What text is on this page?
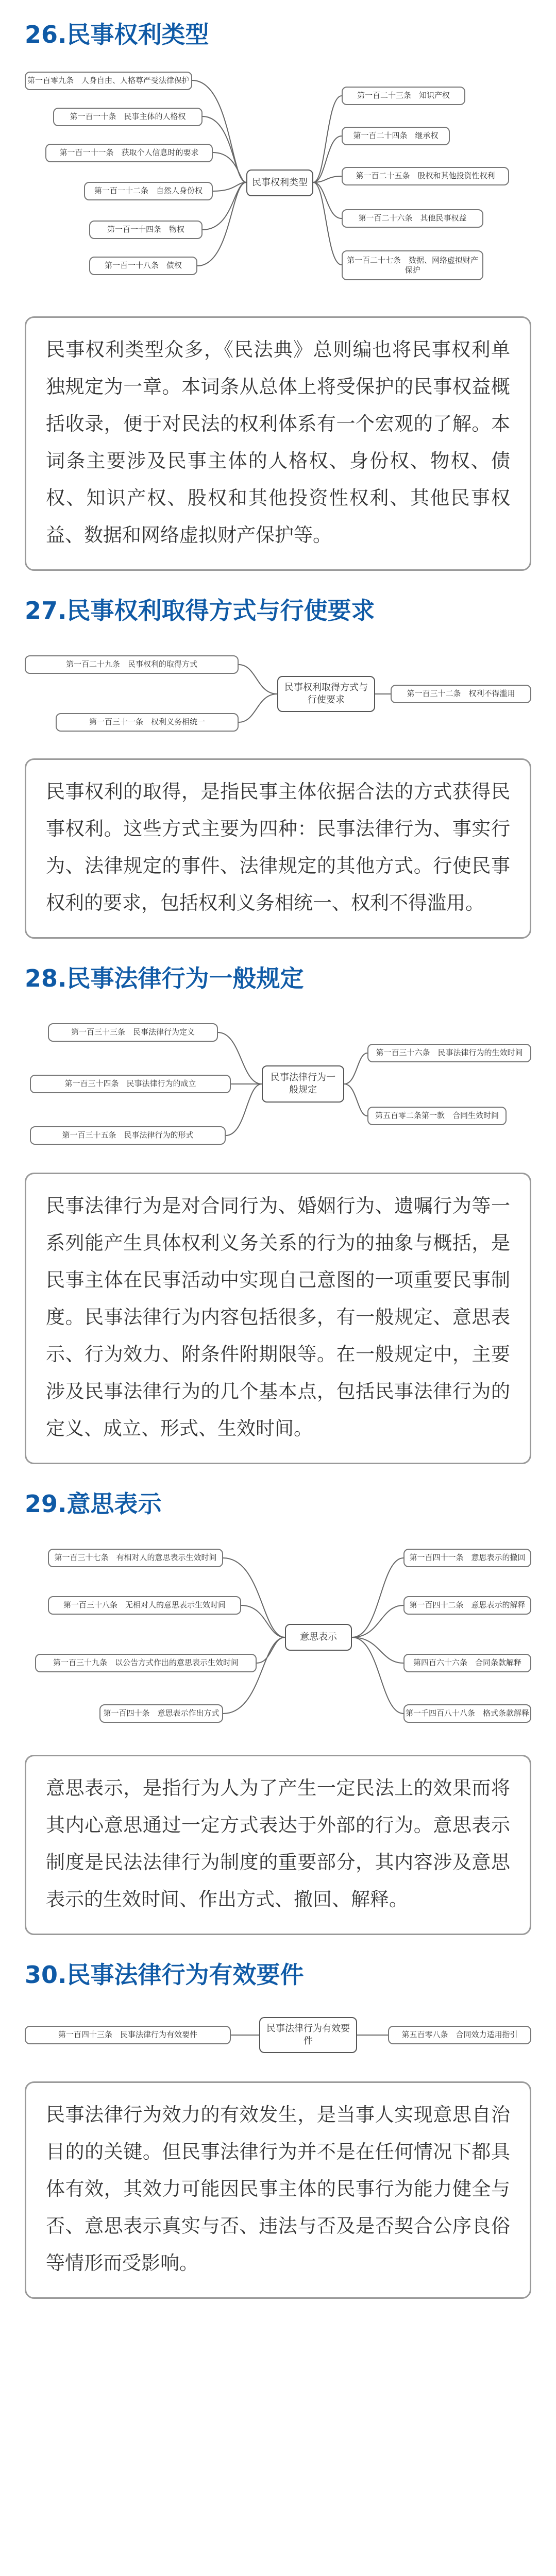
26.民事权利类型
第一百零九条　人身自由、人格尊严受法律保护
第一百一十条　民事主体的人格权
第一百一十一条　获取个人信息时的要求
第一百一十二条　自然人身份权
第一百一十四条　物权
第一百一十八条　债权
民事权利类型
第一百二十三条　知识产权
第一百二十四条　继承权
第一百二十五条　股权和其他投资性权利
第一百二十六条　其他民事权益
第一百二十七条　数据、网络虚拟财产保护
民事权利类型众多，《民法典》总则编也将民事权利单独规定为一章。本词条从总体上将受保护的民事权益概括收录，便于对民法的权利体系有一个宏观的了解。本词条主要涉及民事主体的人格权、身份权、物权、债权、知识产权、股权和其他投资性权利、其他民事权益、数据和网络虚拟财产保护等。
27.民事权利取得方式与行使要求
第一百二十九条　民事权利的取得方式
第一百三十一条　权利义务相统一
民事权利取得方式与行使要求
第一百三十二条　权利不得滥用
民事权利的取得，是指民事主体依据合法的方式获得民事权利。这些方式主要为四种：民事法律行为、事实行为、法律规定的事件、法律规定的其他方式。行使民事权利的要求，包括权利义务相统一、权利不得滥用。
28.民事法律行为一般规定
第一百三十三条　民事法律行为定义
第一百三十四条　民事法律行为的成立
第一百三十五条　民事法律行为的形式
民事法律行为一般规定
第一百三十六条　民事法律行为的生效时间
第五百零二条第一款　合同生效时间
民事法律行为是对合同行为、婚姻行为、遗嘱行为等一系列能产生具体权利义务关系的行为的抽象与概括，是民事主体在民事活动中实现自己意图的一项重要民事制度。民事法律行为内容包括很多，有一般规定、意思表示、行为效力、附条件附期限等。在一般规定中，主要涉及民事法律行为的几个基本点，包括民事法律行为的定义、成立、形式、生效时间。
29.意思表示
第一百三十七条　有相对人的意思表示生效时间
第一百三十八条　无相对人的意思表示生效时间
第一百三十九条　以公告方式作出的意思表示生效时间
第一百四十条　意思表示作出方式
意思表示
第一百四十一条　意思表示的撤回
第一百四十二条　意思表示的解释
第四百六十六条　合同条款解释
第一千四百八十八条　格式条款解释
意思表示，是指行为人为了产生一定民法上的效果而将其内心意思通过一定方式表达于外部的行为。意思表示制度是民法法律行为制度的重要部分，其内容涉及意思表示的生效时间、作出方式、撤回、解释。
30.民事法律行为有效要件
第一百四十三条　民事法律行为有效要件
民事法律行为有效要件
第五百零八条　合同效力适用指引
民事法律行为效力的有效发生，是当事人实现意思自治目的的关键。但民事法律行为并不是在任何情况下都具体有效，其效力可能因民事主体的民事行为能力健全与否、意思表示真实与否、违法与否及是否契合公序良俗等情形而受影响。
